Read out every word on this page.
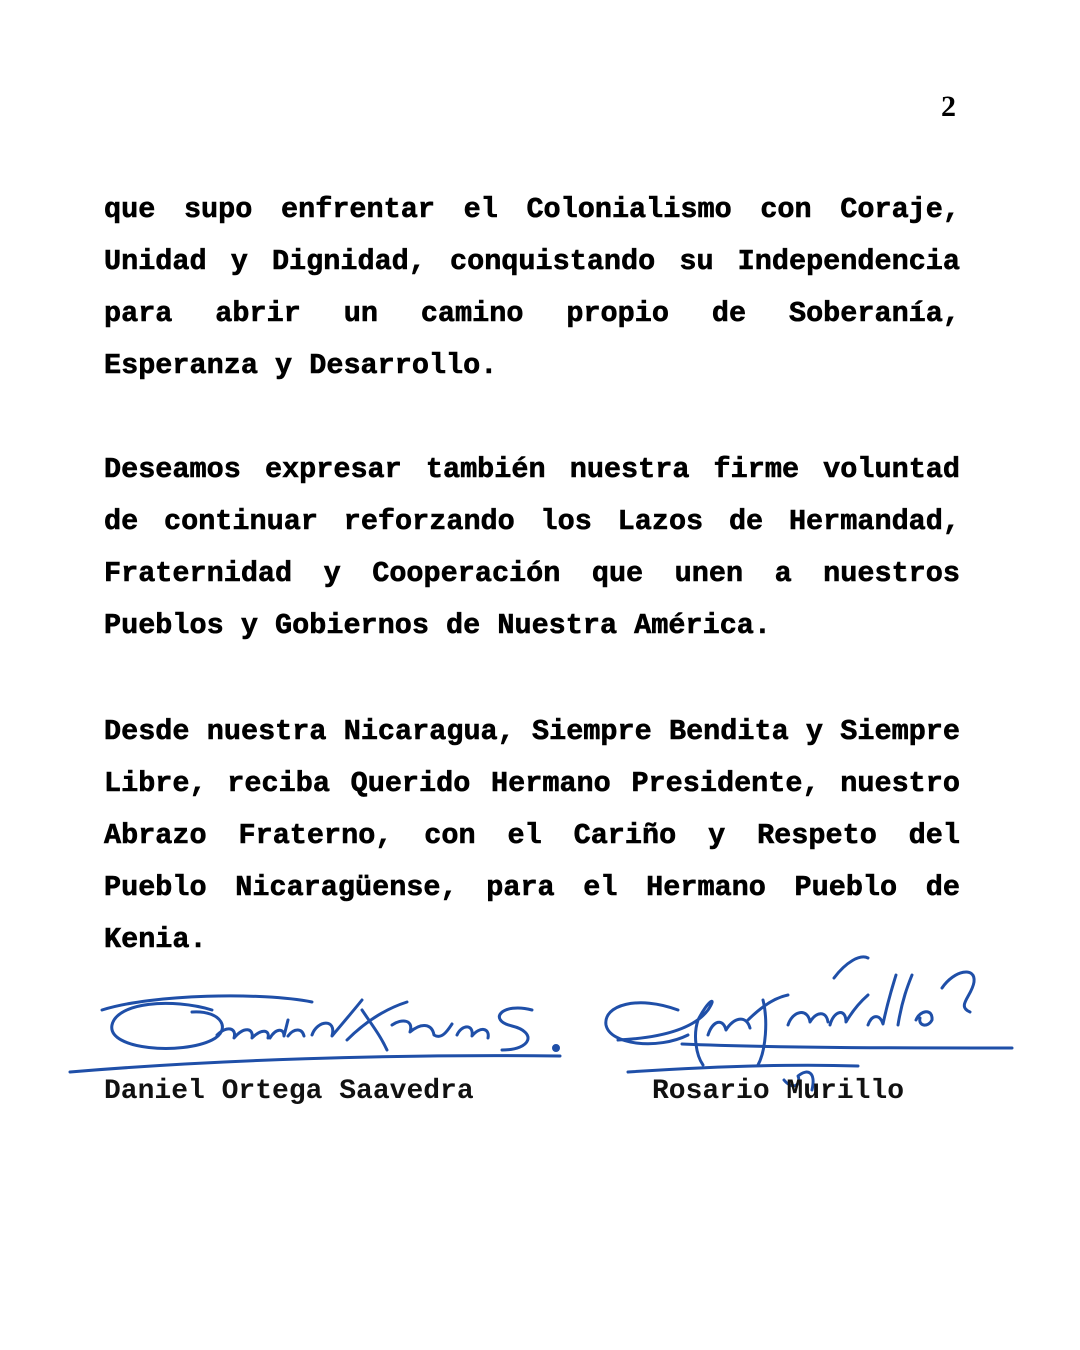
2

que supo enfrentar el Colonialismo con Coraje, Unidad y Dignidad, conquistando su Independencia para abrir un camino propio de Soberanía, Esperanza y Desarrollo.

Deseamos expresar también nuestra firme voluntad de continuar reforzando los Lazos de Hermandad, Fraternidad y Cooperación que unen a nuestros Pueblos y Gobiernos de Nuestra América.

Desde nuestra Nicaragua, Siempre Bendita y Siempre Libre, reciba Querido Hermano Presidente, nuestro Abrazo Fraterno, con el Cariño y Respeto del Pueblo Nicaragüense, para el Hermano Pueblo de Kenia.

Daniel Ortega Saavedra	Rosario Murillo
